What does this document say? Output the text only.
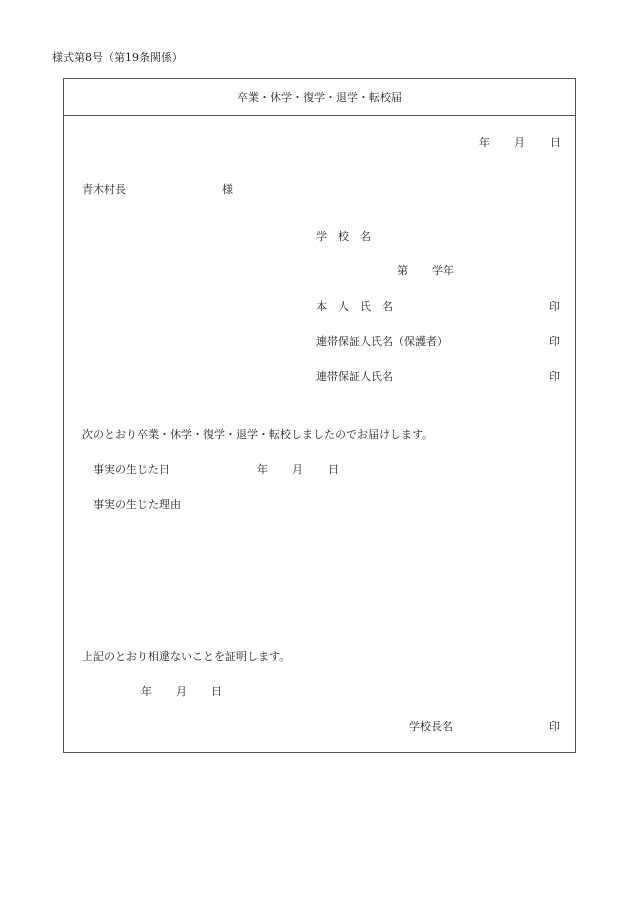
様式第8号（第19条関係）
卒業・休学・復学・退学・転校届
年 月 日
青木村長	様
学　校　名
第 学年
本　人　氏　名	印
連帯保証人氏名（保護者）	印
連帯保証人氏名	印
次のとおり卒業・休学・復学・退学・転校しましたのでお届けします。
事実の生じた日	年 月 日
事実の生じた理由
上記のとおり相違ないことを証明します。
年 月 日
学校長名	印
